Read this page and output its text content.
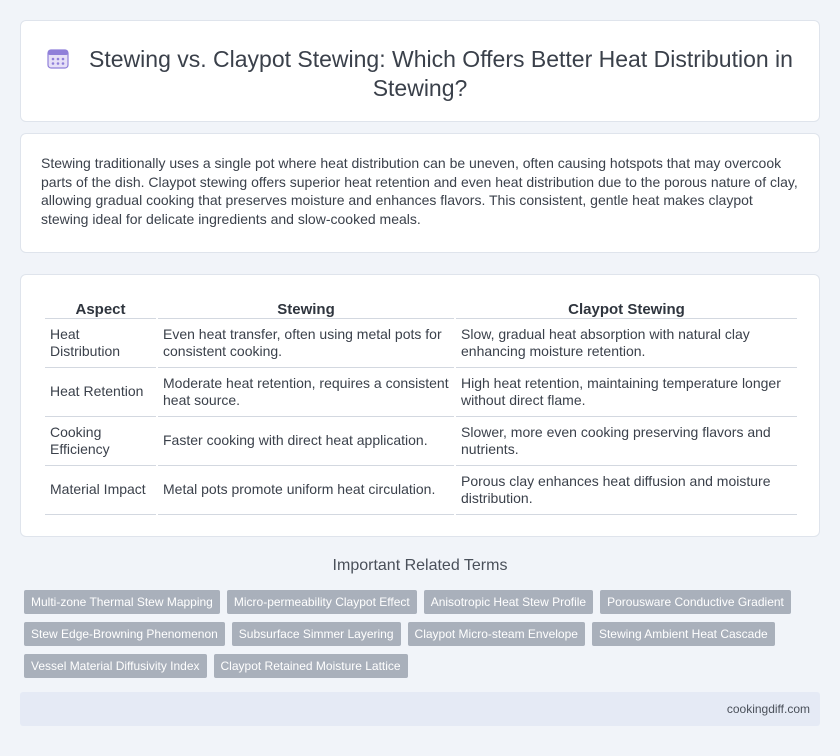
Stewing vs. Claypot Stewing: Which Offers Better Heat Distribution in Stewing?

Stewing traditionally uses a single pot where heat distribution can be uneven, often causing hotspots that may overcook parts of the dish. Claypot stewing offers superior heat retention and even heat distribution due to the porous nature of clay, allowing gradual cooking that preserves moisture and enhances flavors. This consistent, gentle heat makes claypot stewing ideal for delicate ingredients and slow-cooked meals.

Aspect	Stewing	Claypot Stewing
Heat Distribution	Even heat transfer, often using metal pots for consistent cooking.	Slow, gradual heat absorption with natural clay enhancing moisture retention.
Heat Retention	Moderate heat retention, requires a consistent heat source.	High heat retention, maintaining temperature longer without direct flame.
Cooking Efficiency	Faster cooking with direct heat application.	Slower, more even cooking preserving flavors and nutrients.
Material Impact	Metal pots promote uniform heat circulation.	Porous clay enhances heat diffusion and moisture distribution.
Important Related Terms
Multi-zone Thermal Stew Mapping	Micro-permeability Claypot Effect	Anisotropic Heat Stew Profile	Porousware Conductive Gradient
Stew Edge-Browning Phenomenon	Subsurface Simmer Layering	Claypot Micro-steam Envelope	Stewing Ambient Heat Cascade
Vessel Material Diffusivity Index	Claypot Retained Moisture Lattice
cookingdiff.com
